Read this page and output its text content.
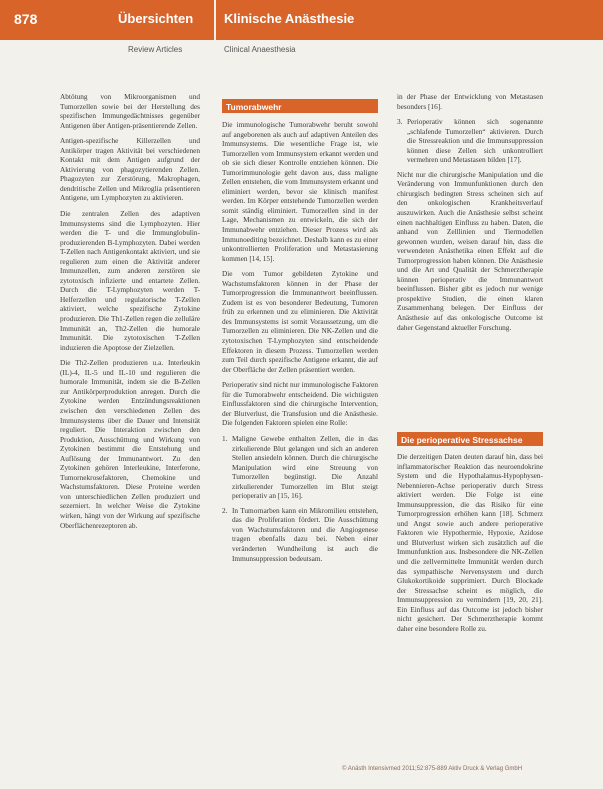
878	Übersichten Klinische Anästhesie
Review Articles	Clinical Anaesthesia

Abtötung von Mikroorganismen und Tumorzellen sowie bei der Herstellung des spezifischen Immungedächtnisses gegenüber Antigenen über Antigen-präsentierende Zellen.

Antigen-spezifische Killerzellen und Antikörper tragen Aktivität bei verschiedenen Kontakt mit dem Antigen aufgrund der Aktivierung von phagozytierenden Zellen. Phagozyten zur Zerstörung, Makrophagen, dendritische Zellen und Mikroglia präsentieren Antigene, um Lymphozyten zu aktivieren.

Die zentralen Zellen des adaptiven Immunsystems sind die Lymphozyten. Hier werden die T- und die Immunglobulin-produzierenden B-Lymphozyten. Dabei werden T-Zellen nach Antigenkontakt aktiviert, und sie regulieren zum einen die Aktivität anderer Immunzellen, zum anderen zerstören sie zytotoxisch infizierte und entartete Zellen. Durch die T-Lymphozyten werden T-Helferzellen und regulatorische T-Zellen aktiviert, welche spezifische Zytokine produzieren. Die Th1-Zellen regen die zelluläre Immunität an, Th2-Zellen die humorale Immunität. Die zytotoxischen T-Zellen induzieren die Apoptose der Zielzellen.

Die Th2-Zellen produzieren u.a. Interleukin (IL)-4, IL-5 und IL-10 und regulieren die humorale Immunität, indem sie die B-Zellen zur Antikörperproduktion anregen. Durch die Zytokine werden Entzündungsreaktionen zwischen den verschiedenen Zellen des Immunsystems über die Dauer und Intensität reguliert. Die Interaktion zwischen den Produktion, Ausschüttung und Wirkung von Zytokinen bestimmt die Entstehung und Auflösung der Immunantwort. Zu den Zytokinen gehören Interleukine, Interferone, Tumornekrosefaktoren, Chemokine und Wachstumsfaktoren. Diese Proteine werden von unterschiedlichen Zellen produziert und sezerniert. In welcher Weise die Zytokine wirken, hängt von der Wirkung auf spezifische Oberflächenrezeptoren ab.

Tumorabwehr

Die immunologische Tumorabwehr beruht sowohl auf angeborenen als auch auf adaptiven Anteilen des Immunsystems. Die wesentliche Frage ist, wie Tumorzellen vom Immunsystem erkannt werden und ob sie sich dieser Kontrolle entziehen können. Die Tumorimmunologie geht davon aus, dass maligne Zellen entstehen, die vom Immunsystem erkannt und eliminiert werden, bevor sie klinisch manifest werden. Im Körper entstehende Tumorzellen werden somit ständig eliminiert. Tumorzellen sind in der Lage, Mechanismen zu entwickeln, die sich der Immunabwehr entziehen. Dieser Prozess wird als Immunoediting bezeichnet. Deshalb kann es zu einer unkontrollierten Proliferation und Metastasierung kommen [14, 15].

Die vom Tumor gebildeten Zytokine und Wachstumsfaktoren können in der Phase der Tumorprogression die Immunantwort beeinflussen. Zudem ist es von besonderer Bedeutung, Tumoren früh zu erkennen und zu eliminieren. Die Aktivität des Immunsystems ist somit Voraussetzung, um die Tumorzellen zu eliminieren. Die NK-Zellen und die zytotoxischen T-Lymphozyten sind entscheidende Effektoren in diesem Prozess. Tumorzellen werden zum Teil durch spezifische Antigene erkannt, die auf der Oberfläche der Zellen präsentiert werden.

Perioperativ sind nicht nur immunologische Faktoren für die Tumorabwehr entscheidend. Die wichtigsten Einflussfaktoren sind die chirurgische Intervention, der Blutverlust, die Transfusion und die Anästhesie. Die folgenden Faktoren spielen eine Rolle:

1. Maligne Gewebe enthalten Zellen, die in das zirkulierende Blut gelangen und sich an anderen Stellen ansiedeln können. Durch die chirurgische Manipulation wird eine Streuung von Tumorzellen begünstigt. Die Anzahl zirkulierender Tumorzellen im Blut steigt perioperativ an [15, 16].
2. In Tumornarben kann ein Mikromilieu entstehen, das die Proliferation fördert. Die Ausschüttung von Wachstumsfaktoren und die Angiogenese tragen ebenfalls dazu bei. Neben einer veränderten Wundheilung ist auch die Immunsuppression bedeutsam.

in der Phase der Entwicklung von Metastasen besonders [16].

3. Perioperativ können sich sogenannte „schlafende Tumorzellen“ aktivieren. Durch die Stressreaktion und die Immunsuppression können diese Zellen sich unkontrolliert vermehren und Metastasen bilden [17].

Nicht nur die chirurgische Manipulation und die Veränderung von Immunfunktionen durch den chirurgisch bedingten Stress scheinen sich auf den onkologischen Krankheitsverlauf auszuwirken. Auch die Anästhesie selbst scheint einen nachhaltigen Einfluss zu haben. Daten, die anhand von Zelllinien und Tiermodellen gewonnen wurden, weisen darauf hin, dass die verwendeten Anästhetika einen Effekt auf die Tumorprogression haben können. Die Anästhesie und die Art und Qualität der Schmerztherapie können perioperativ die Immunantwort beeinflussen. Bisher gibt es jedoch nur wenige prospektive Studien, die einen klaren Zusammenhang belegen. Der Einfluss der Anästhesie auf das onkologische Outcome ist daher Gegenstand aktueller Forschung.

Die perioperative Stressachse

Die derzeitigen Daten deuten darauf hin, dass bei inflammatorischer Reaktion das neuroendokrine System und die Hypothalamus-Hypophysen-Nebennieren-Achse perioperativ durch Stress aktiviert werden. Die Folge ist eine Immunsuppression, die das Risiko für eine Tumorprogression erhöhen kann [18]. Schmerz und Angst sowie auch andere perioperative Faktoren wie Hypothermie, Hypoxie, Azidose und Blutverlust wirken sich zusätzlich auf die Immunfunktion aus. Insbesondere die NK-Zellen und die zellvermittelte Immunität werden durch das sympathische Nervensystem und durch Glukokortikoide supprimiert. Durch Blockade der Stressachse scheint es möglich, die Immunsuppression zu vermindern [19, 20, 21]. Ein Einfluss auf das Outcome ist jedoch bisher nicht gesichert. Der Schmerztherapie kommt daher eine besondere Rolle zu.

© Anästh Intensivmed 2011;52:875-889 Aktiv Druck & Verlag GmbH
